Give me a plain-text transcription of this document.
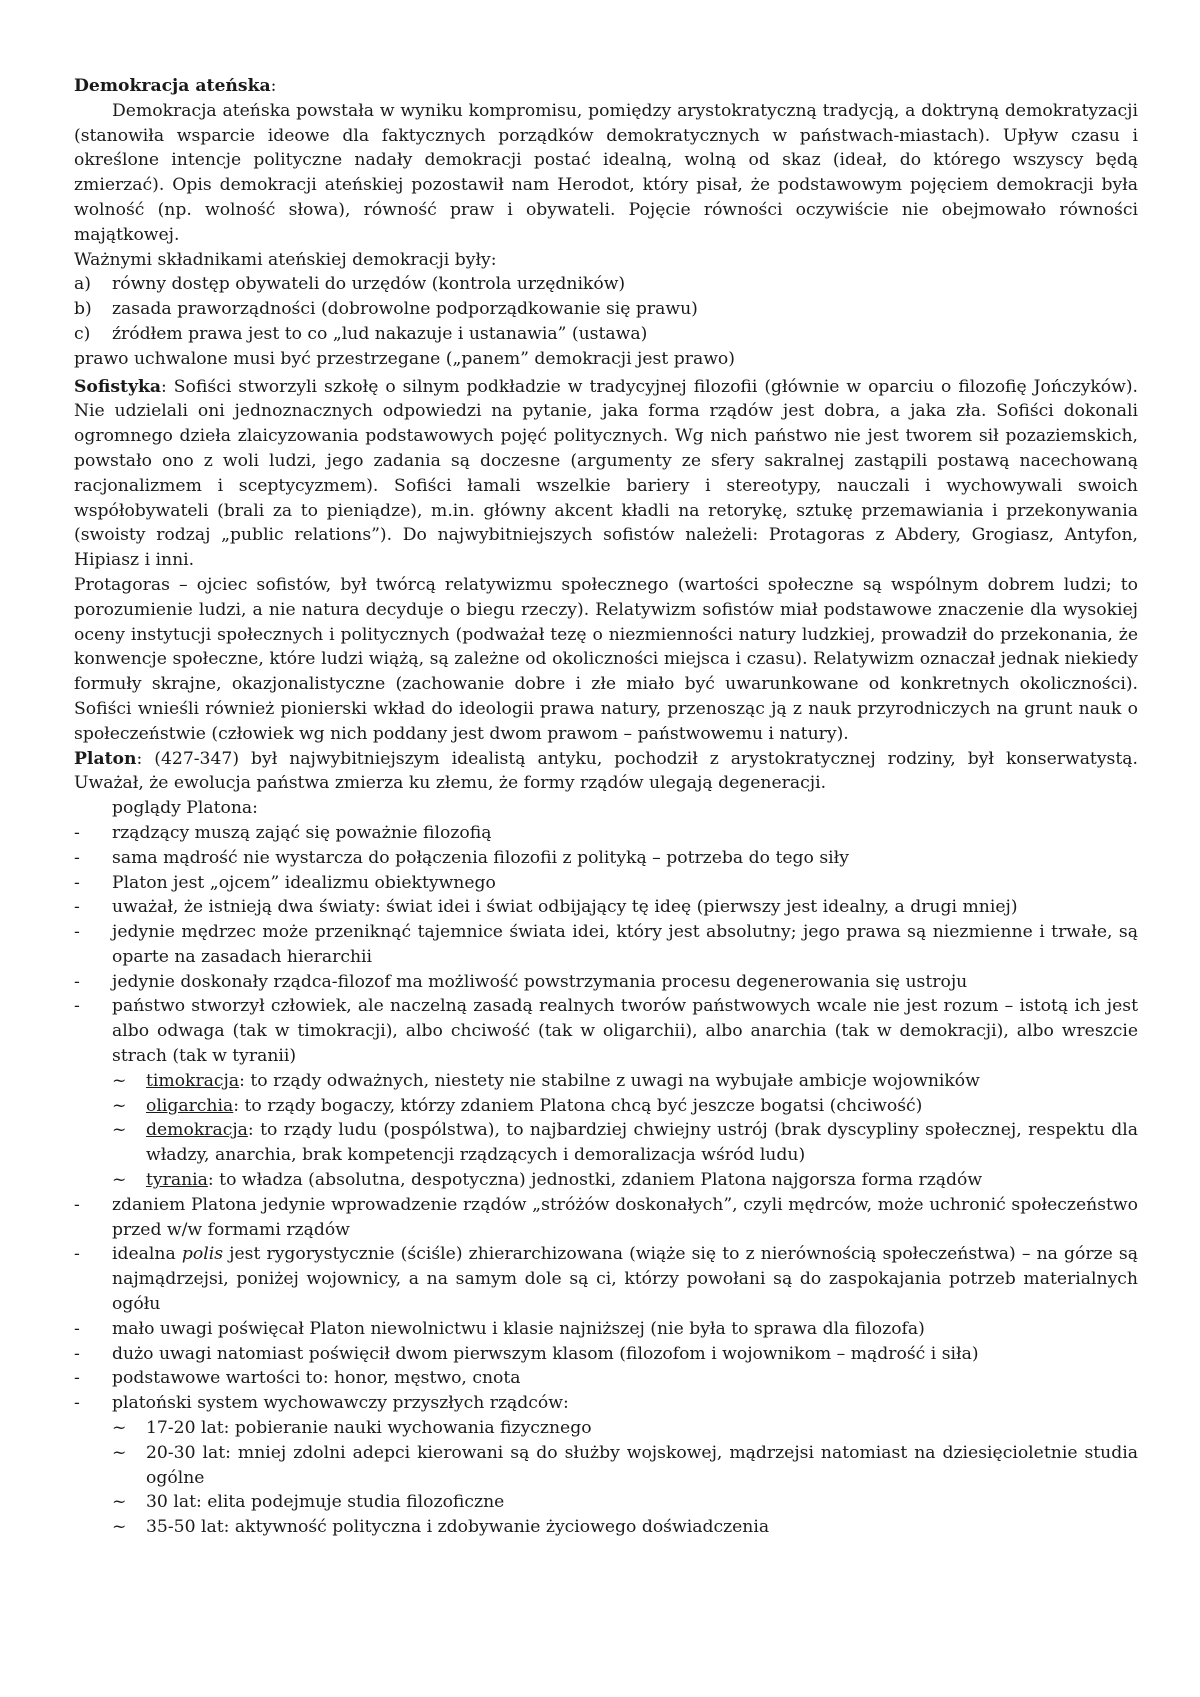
Demokracja ateńska:

Demokracja ateńska powstała w wyniku kompromisu, pomiędzy arystokratyczną tradycją, a doktryną demokratyzacji (stanowiła wsparcie ideowe dla faktycznych porządków demokratycznych w państwach-miastach). Upływ czasu i określone intencje polityczne nadały demokracji postać idealną, wolną od skaz (ideał, do którego wszyscy będą zmierzać). Opis demokracji ateńskiej pozostawił nam Herodot, który pisał, że podstawowym pojęciem demokracji była wolność (np. wolność słowa), równość praw i obywateli. Pojęcie równości oczywiście nie obejmowało równości majątkowej.

Ważnymi składnikami ateńskiej demokracji były:

a)	równy dostęp obywateli do urzędów (kontrola urzędników)
b)	zasada praworządności (dobrowolne podporządkowanie się prawu)
c)	źródłem prawa jest to co „lud nakazuje i ustanawia” (ustawa)

prawo uchwalone musi być przestrzegane („panem” demokracji jest prawo)

Sofistyka: Sofiści stworzyli szkołę o silnym podkładzie w tradycyjnej filozofii (głównie w oparciu o filozofię Jończyków). Nie udzielali oni jednoznacznych odpowiedzi na pytanie, jaka forma rządów jest dobra, a jaka zła. Sofiści dokonali ogromnego dzieła zlaicyzowania podstawowych pojęć politycznych. Wg nich państwo nie jest tworem sił pozaziemskich, powstało ono z woli ludzi, jego zadania są doczesne (argumenty ze sfery sakralnej zastąpili postawą nacechowaną racjonalizmem i sceptycyzmem). Sofiści łamali wszelkie bariery i stereotypy, nauczali i wychowywali swoich współobywateli (brali za to pieniądze), m.in. główny akcent kładli na retorykę, sztukę przemawiania i przekonywania (swoisty rodzaj „public relations”). Do najwybitniejszych sofistów należeli: Protagoras z Abdery, Grogiasz, Antyfon, Hipiasz i inni.

Protagoras – ojciec sofistów, był twórcą relatywizmu społecznego (wartości społeczne są wspólnym dobrem ludzi; to porozumienie ludzi, a nie natura decyduje o biegu rzeczy). Relatywizm sofistów miał podstawowe znaczenie dla wysokiej oceny instytucji społecznych i politycznych (podważał tezę o niezmienności natury ludzkiej, prowadził do przekonania, że konwencje społeczne, które ludzi wiążą, są zależne od okoliczności miejsca i czasu). Relatywizm oznaczał jednak niekiedy formuły skrajne, okazjonalistyczne (zachowanie dobre i złe miało być uwarunkowane od konkretnych okoliczności). Sofiści wnieśli również pionierski wkład do ideologii prawa natury, przenosząc ją z nauk przyrodniczych na grunt nauk o społeczeństwie (człowiek wg nich poddany jest dwom prawom – państwowemu i natury).

Platon: (427-347) był najwybitniejszym idealistą antyku, pochodził z arystokratycznej rodziny, był konserwatystą. Uważał, że ewolucja państwa zmierza ku złemu, że formy rządów ulegają degeneracji.

poglądy Platona:

-	rządzący muszą zająć się poważnie filozofią
-	sama mądrość nie wystarcza do połączenia filozofii z polityką – potrzeba do tego siły
-	Platon jest „ojcem” idealizmu obiektywnego
-	uważał, że istnieją dwa światy: świat idei i świat odbijający tę ideę (pierwszy jest idealny, a drugi mniej)
-	jedynie mędrzec może przeniknąć tajemnice świata idei, który jest absolutny; jego prawa są niezmienne i trwałe, są oparte na zasadach hierarchii
-	jedynie doskonały rządca-filozof ma możliwość powstrzymania procesu degenerowania się ustroju
-	państwo stworzył człowiek, ale naczelną zasadą realnych tworów państwowych wcale nie jest rozum – istotą ich jest albo odwaga (tak w timokracji), albo chciwość (tak w oligarchii), albo anarchia (tak w demokracji), albo wreszcie strach (tak w tyranii)
~	timokracja: to rządy odważnych, niestety nie stabilne z uwagi na wybujałe ambicje wojowników
~	oligarchia: to rządy bogaczy, którzy zdaniem Platona chcą być jeszcze bogatsi (chciwość)
~	demokracja: to rządy ludu (pospólstwa), to najbardziej chwiejny ustrój (brak dyscypliny społecznej, respektu dla władzy, anarchia, brak kompetencji rządzących i demoralizacja wśród ludu)
~	tyrania: to władza (absolutna, despotyczna) jednostki, zdaniem Platona najgorsza forma rządów
-	zdaniem Platona jedynie wprowadzenie rządów „stróżów doskonałych”, czyli mędrców, może uchronić społeczeństwo przed w/w formami rządów
-	idealna polis jest rygorystycznie (ściśle) zhierarchizowana (wiąże się to z nierównością społeczeństwa) – na górze są najmądrzejsi, poniżej wojownicy, a na samym dole są ci, którzy powołani są do zaspokajania potrzeb materialnych ogółu
-	mało uwagi poświęcał Platon niewolnictwu i klasie najniższej (nie była to sprawa dla filozofa)
-	dużo uwagi natomiast poświęcił dwom pierwszym klasom (filozofom i wojownikom – mądrość i siła)
-	podstawowe wartości to: honor, męstwo, cnota
-	platoński system wychowawczy przyszłych rządców:
~	17-20 lat: pobieranie nauki wychowania fizycznego
~	20-30 lat: mniej zdolni adepci kierowani są do służby wojskowej, mądrzejsi natomiast na dziesięcioletnie studia ogólne
~	30 lat: elita podejmuje studia filozoficzne
~	35-50 lat: aktywność polityczna i zdobywanie życiowego doświadczenia
